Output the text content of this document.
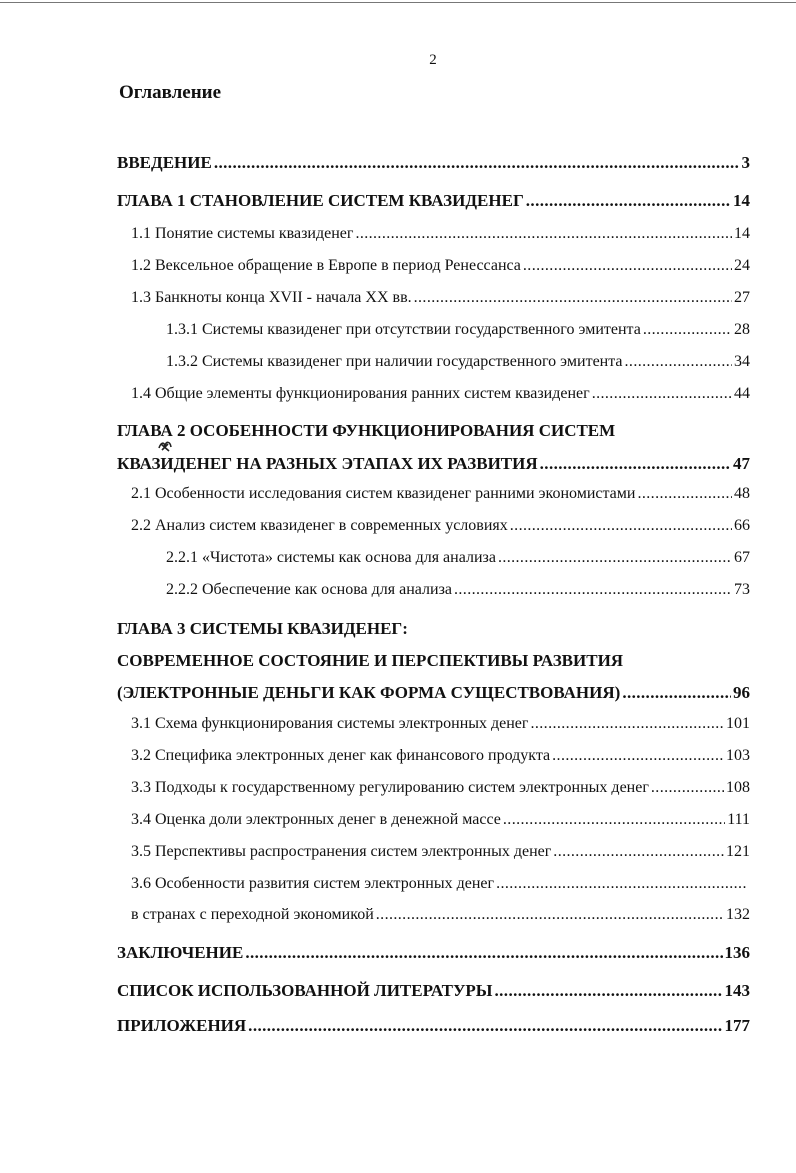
2
Оглавление
ВВЕДЕНИЕ .....	3
ГЛАВА 1 СТАНОВЛЕНИЕ СИСТЕМ КВАЗИДЕНЕГ .....	14
1.1 Понятие системы квазиденег .....	14
1.2 Вексельное обращение в Европе в период Ренессанса .....	24
1.3 Банкноты конца XVII - начала XX вв. .....	27
1.3.1 Системы квазиденег при отсутствии государственного эмитента .....	28
1.3.2 Системы квазиденег при наличии государственного эмитента .....	34
1.4 Общие элементы функционирования ранних систем квазиденег .....	44
ГЛАВА 2 ОСОБЕННОСТИ ФУНКЦИОНИРОВАНИЯ СИСТЕМ
КВАЗИДЕНЕГ НА РАЗНЫХ ЭТАПАХ ИХ РАЗВИТИЯ .....	47
2.1 Особенности исследования систем квазиденег ранними экономистами .....	48
2.2 Анализ систем квазиденег в современных условиях .....	66
2.2.1 «Чистота» системы как основа для анализа .....	67
2.2.2 Обеспечение как основа для анализа .....	73
ГЛАВА 3 СИСТЕМЫ КВАЗИДЕНЕГ:
СОВРЕМЕННОЕ СОСТОЯНИЕ И ПЕРСПЕКТИВЫ РАЗВИТИЯ
(ЭЛЕКТРОННЫЕ ДЕНЬГИ КАК ФОРМА СУЩЕСТВОВАНИЯ) .....	96
3.1 Схема функционирования системы электронных денег .....	101
3.2 Специфика электронных денег как финансового продукта .....	103
3.3 Подходы к государственному регулированию систем электронных денег .....	108
3.4 Оценка доли электронных денег в денежной массе .....	111
3.5 Перспективы распространения систем электронных денег .....	121
3.6 Особенности развития систем электронных денег
.....
в странах с переходной экономикой .....	132
ЗАКЛЮЧЕНИЕ .....	136
СПИСОК ИСПОЛЬЗОВАННОЙ ЛИТЕРАТУРЫ .....	143
ПРИЛОЖЕНИЯ .....	177
